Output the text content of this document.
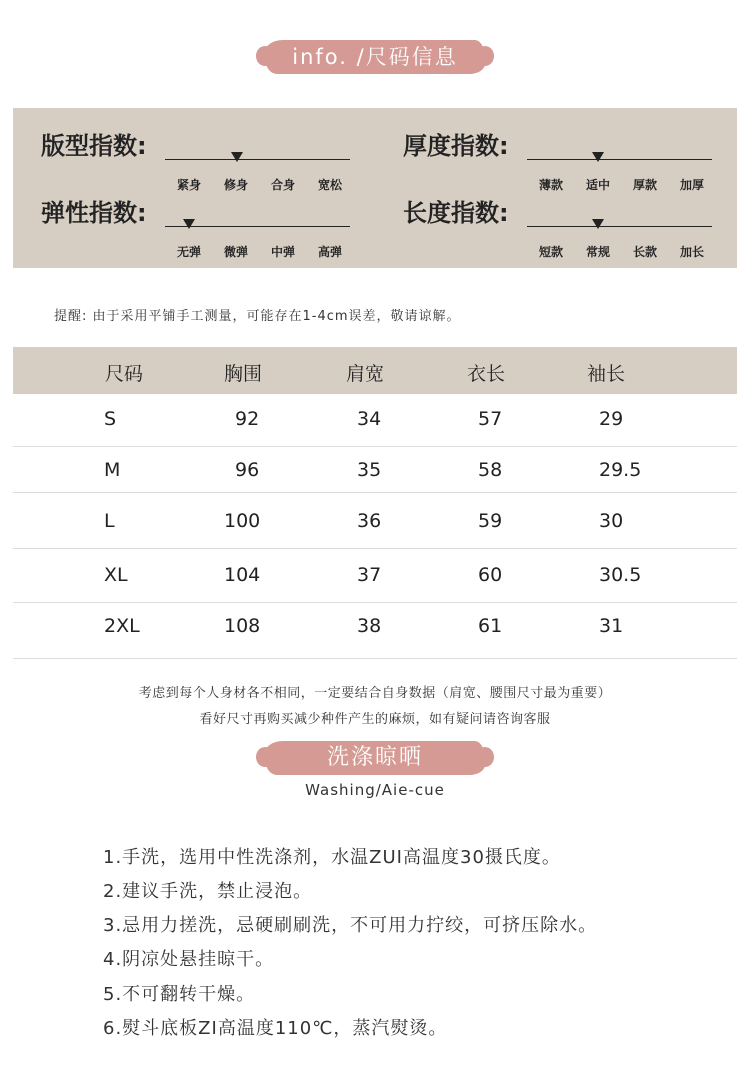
info. /尺码信息
版型指数:
紧身	修身	合身	宽松
厚度指数:
薄款	适中	厚款	加厚
弹性指数:
无弹	微弹	中弹	高弹
长度指数:
短款	常规	长款	加长
提醒: 由于采用平铺手工测量，可能存在1-4cm误差，敬请谅解。
尺码	胸围	肩宽	衣长	袖长
S	92	34	57	29
M	96	35	58	29.5
L	100	36	59	30
XL	104	37	60	30.5
2XL	108	38	61	31
考虑到每个人身材各不相同，一定要结合自身数据（肩宽、腰围尺寸最为重要）
看好尺寸再购买减少种件产生的麻烦，如有疑问请咨询客服
洗涤晾晒
Washing/Aie-cue
1.手洗，选用中性洗涤剂，水温ZUI高温度30摄氏度。
2.建议手洗，禁止浸泡。
3.忌用力搓洗，忌硬刷刷洗，不可用力拧绞，可挤压除水。
4.阴凉处悬挂晾干。
5.不可翻转干燥。
6.熨斗底板ZI高温度110℃，蒸汽熨烫。
